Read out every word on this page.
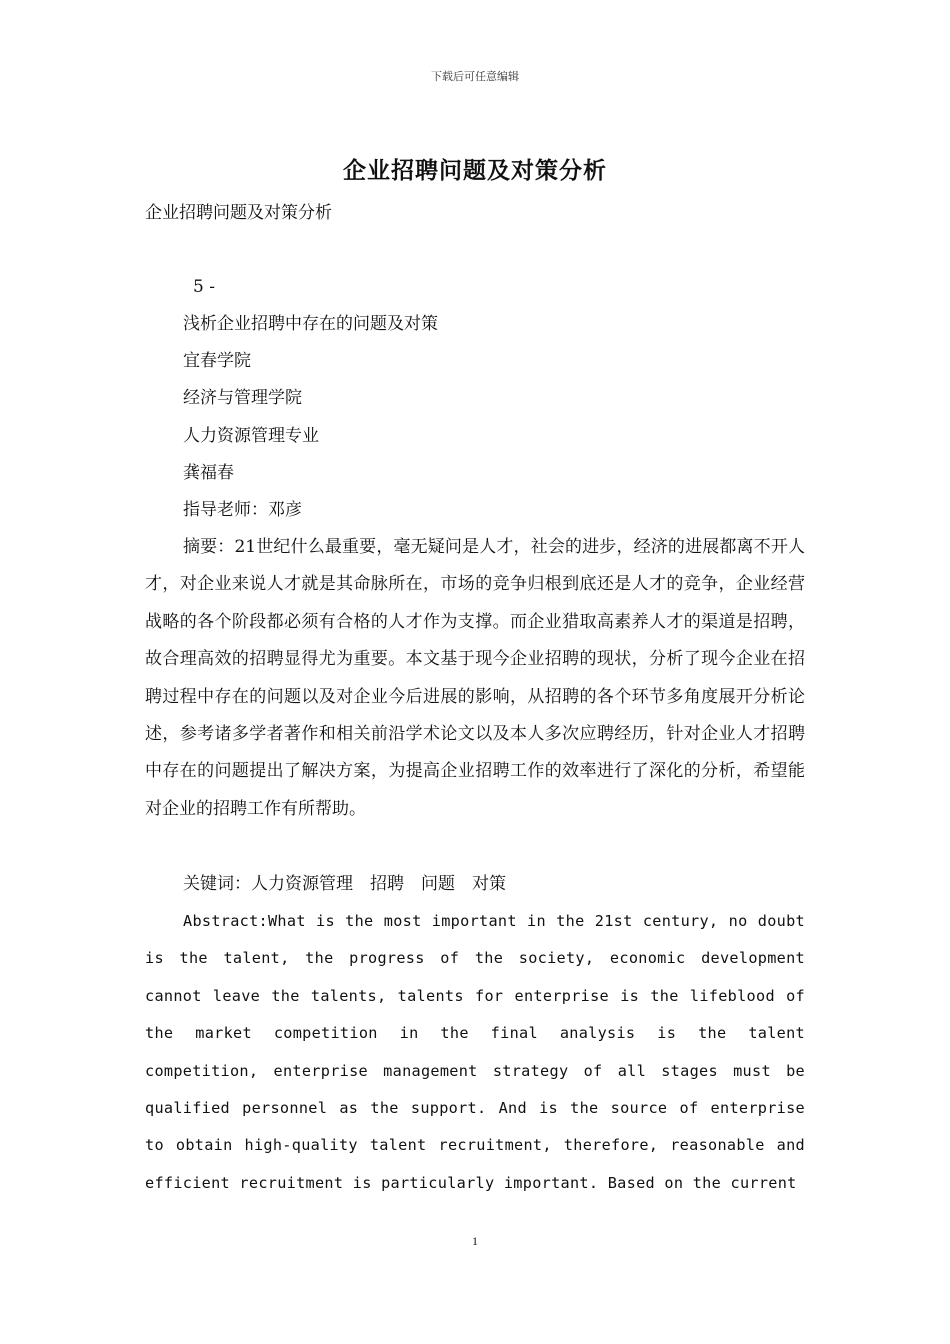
下载后可任意编辑
企业招聘问题及对策分析
企业招聘问题及对策分析
5 -
浅析企业招聘中存在的问题及对策
宜春学院
经济与管理学院
人力资源管理专业
龚福春
指导老师：邓彦
摘要：21世纪什么最重要，毫无疑问是人才，社会的进步，经济的进展都离不开人才，对企业来说人才就是其命脉所在，市场的竞争归根到底还是人才的竞争，企业经营战略的各个阶段都必须有合格的人才作为支撑。而企业猎取高素养人才的渠道是招聘，故合理高效的招聘显得尤为重要。本文基于现今企业招聘的现状，分析了现今企业在招聘过程中存在的问题以及对企业今后进展的影响，从招聘的各个环节多角度展开分析论述，参考诸多学者著作和相关前沿学术论文以及本人多次应聘经历，针对企业人才招聘中存在的问题提出了解决方案，为提高企业招聘工作的效率进行了深化的分析，希望能对企业的招聘工作有所帮助。
关键词：人力资源管理　招聘　问题　对策
Abstract:What is the most important in the 21st century, no doubt is the talent, the progress of the society, economic development cannot leave the talents, talents for enterprise is the lifeblood of the market competition in the final analysis is the talent competition, enterprise management strategy of all stages must be qualified personnel as the support. And is the source of enterprise to obtain high-quality talent recruitment, therefore, reasonable and efficient recruitment is particularly important. Based on the current
1
